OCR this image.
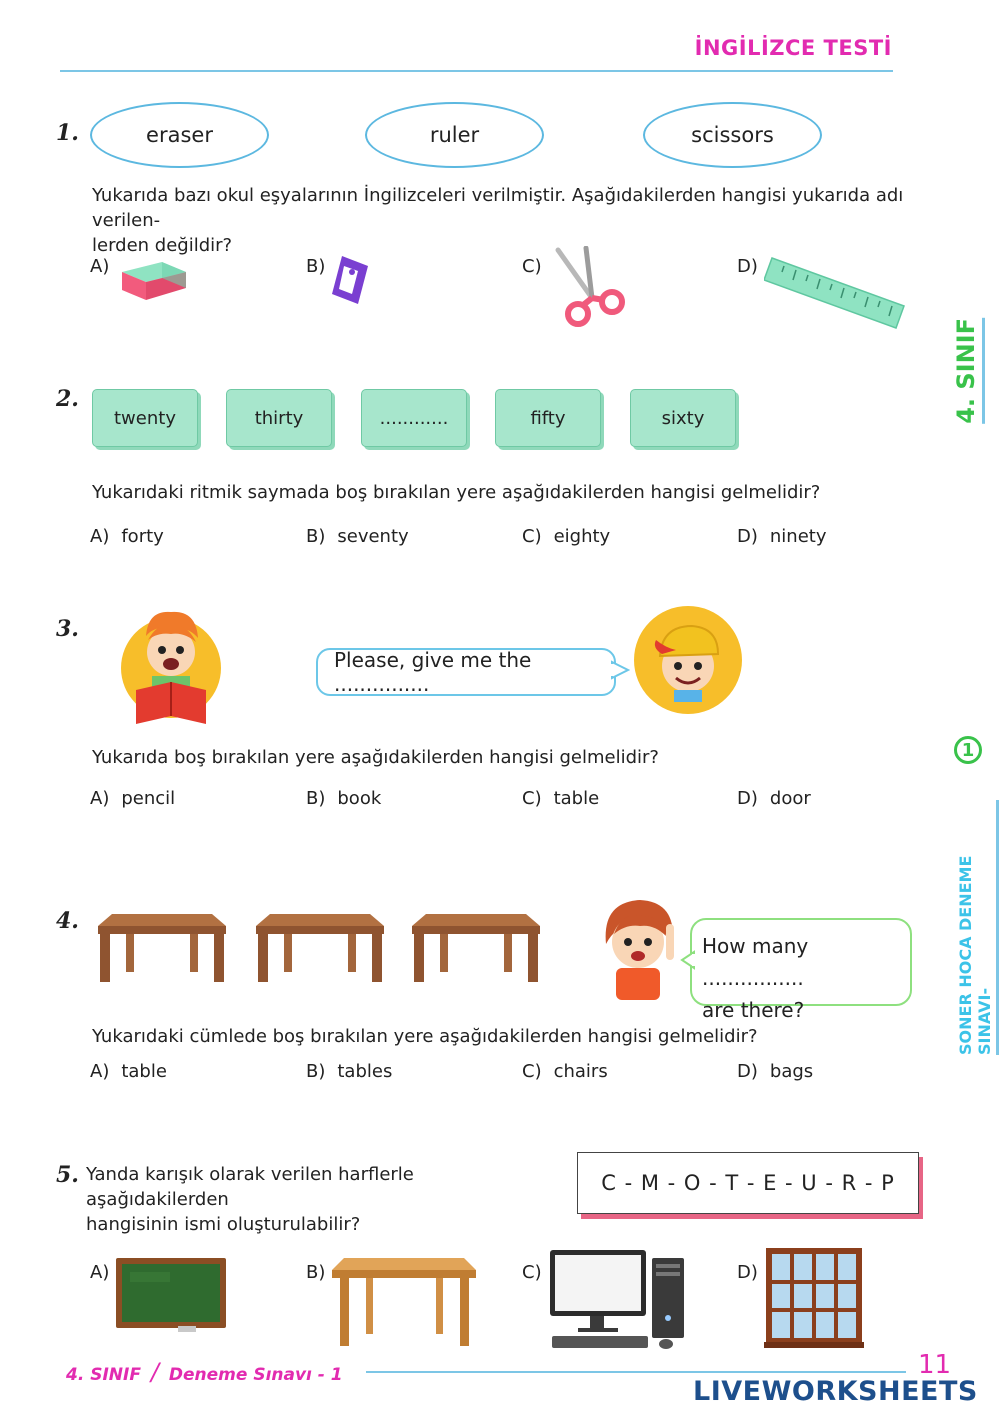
İNGİLİZCE TESTİ
4. SINIF
1
SONER HOCA DENEME SINAVI-
1.	eraser	ruler	scissors
Yukarıda bazı okul eşyalarının İngilizceleri verilmiştir. Aşağıdakilerden hangisi yukarıda adı verilen-
lerden değildir?
A)	B)	C)	D)
2.
twenty	thirty	............	fifty	sixty
Yukarıdaki ritmik saymada boş bırakılan yere aşağıdakilerden hangisi gelmelidir?
A) forty	B) seventy	C) eighty	D) ninety
3.
Please, give me the ...............
Yukarıda boş bırakılan yere aşağıdakilerden hangisi gelmelidir?
A) pencil	B) book	C) table	D) door
4.
How many ................
are there?
Yukarıdaki cümlede boş bırakılan yere aşağıdakilerden hangisi gelmelidir?
A) table	B) tables	C) chairs	D) bags
5. Yanda karışık olarak verilen harflerle aşağıdakilerden
hangisinin ismi oluşturulabilir?
C - M - O - T - E - U - R - P
A)	B)	C)	D)
4. SINIF / Deneme Sınavı - 1	11
LIVEWORKSHEETS
